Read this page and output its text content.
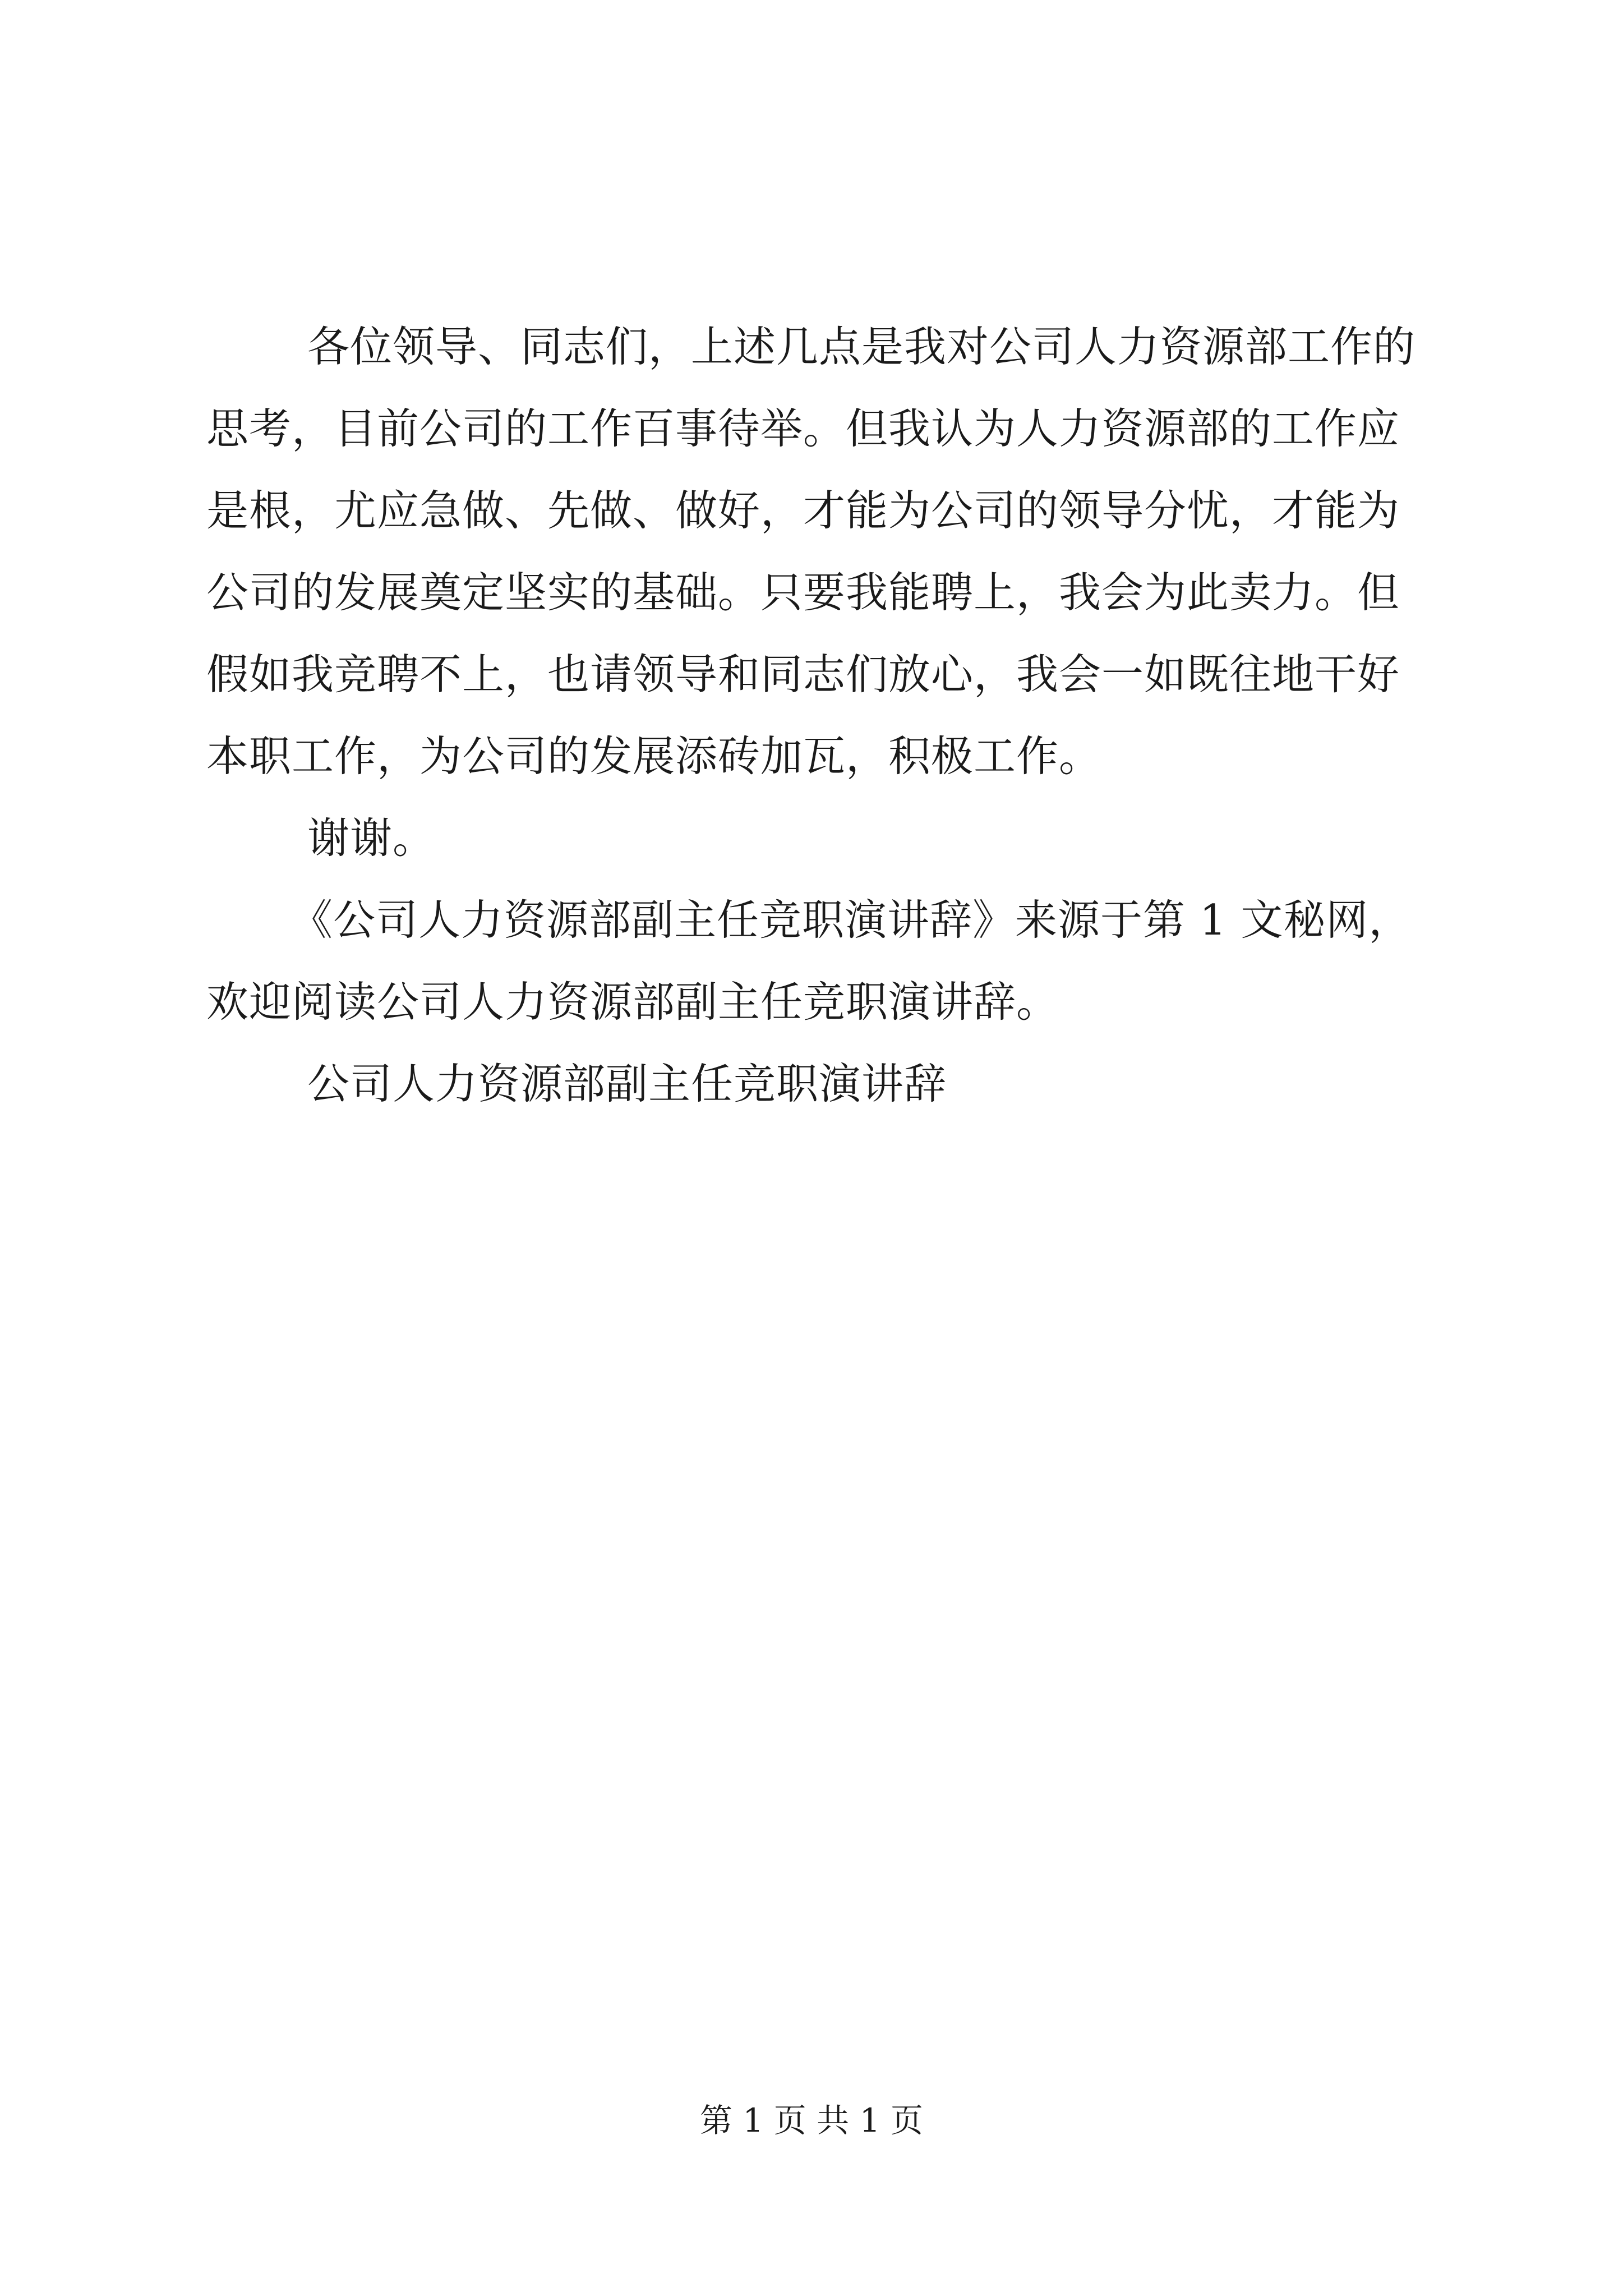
各位领导、同志们，上述几点是我对公司人力资源部工作的
思考，目前公司的工作百事待举。但我认为人力资源部的工作应
是根，尤应急做、先做、做好，才能为公司的领导分忧，才能为
公司的发展奠定坚实的基础。只要我能聘上，我会为此卖力。但
假如我竞聘不上，也请领导和同志们放心，我会一如既往地干好
本职工作，为公司的发展添砖加瓦，积极工作。
谢谢。
《公司人力资源部副主任竞职演讲辞》来源于第 1 文秘网，
欢迎阅读公司人力资源部副主任竞职演讲辞。
公司人力资源部副主任竞职演讲辞
第 1 页 共 1 页
